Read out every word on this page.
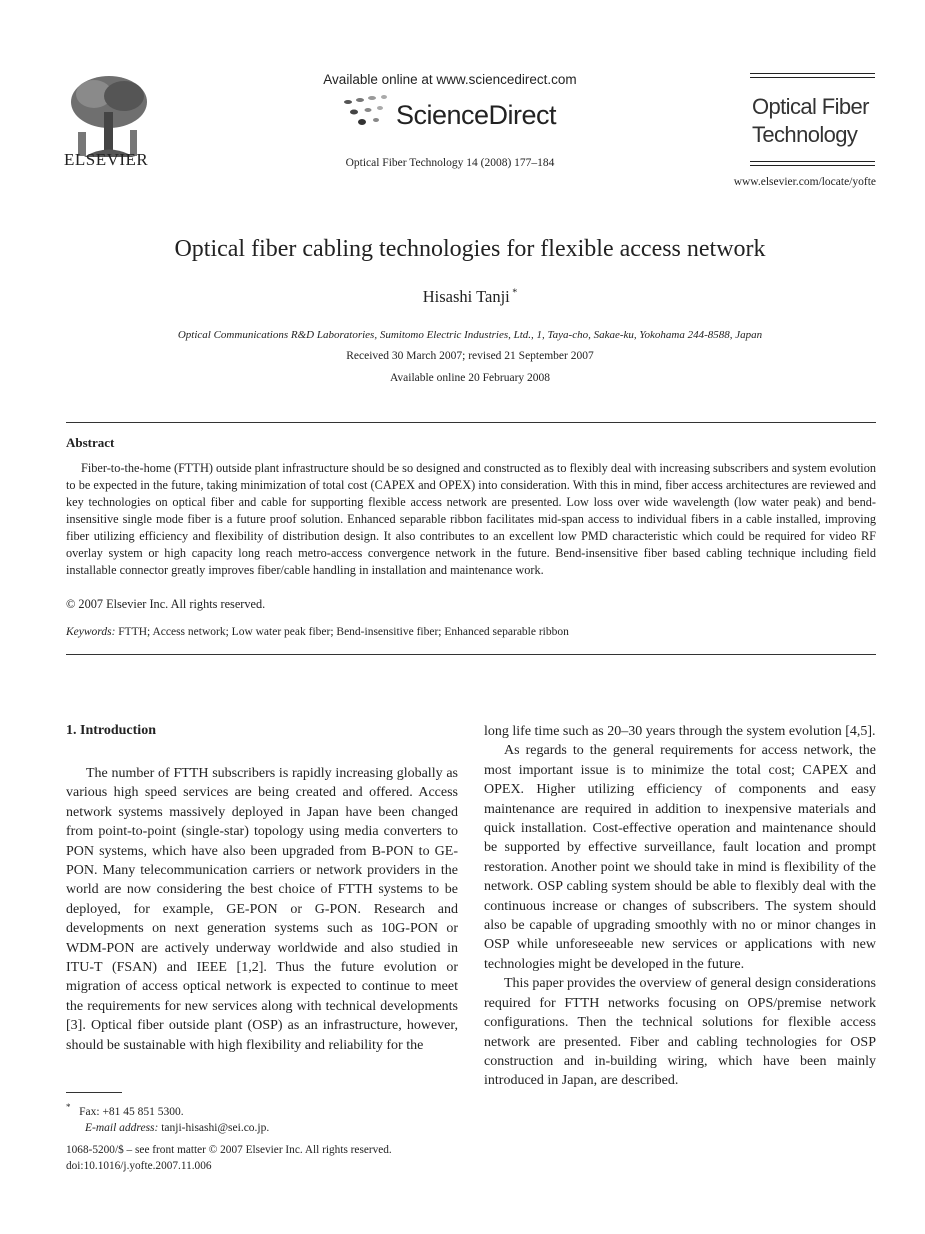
ELSEVIER
Available online at www.sciencedirect.com
ScienceDirect
Optical Fiber Technology 14 (2008) 177–184
Optical Fiber
Technology
www.elsevier.com/locate/yofte
Optical fiber cabling technologies for flexible access network
Hisashi Tanji *
Optical Communications R&D Laboratories, Sumitomo Electric Industries, Ltd., 1, Taya-cho, Sakae-ku, Yokohama 244-8588, Japan
Received 30 March 2007; revised 21 September 2007
Available online 20 February 2008
Abstract
Fiber-to-the-home (FTTH) outside plant infrastructure should be so designed and constructed as to flexibly deal with increasing subscribers and system evolution to be expected in the future, taking minimization of total cost (CAPEX and OPEX) into consideration. With this in mind, fiber access architectures are reviewed and key technologies on optical fiber and cable for supporting flexible access network are presented. Low loss over wide wavelength (low water peak) and bend-insensitive single mode fiber is a future proof solution. Enhanced separable ribbon facilitates mid-span access to individual fibers in a cable installed, improving fiber utilizing efficiency and flexibility of distribution design. It also contributes to an excellent low PMD characteristic which could be required for video RF overlay system or high capacity long reach metro-access convergence network in the future. Bend-insensitive fiber based cabling technique including field installable connector greatly improves fiber/cable handling in installation and maintenance work.
© 2007 Elsevier Inc. All rights reserved.
Keywords: FTTH; Access network; Low water peak fiber; Bend-insensitive fiber; Enhanced separable ribbon
1. Introduction

The number of FTTH subscribers is rapidly increasing globally as various high speed services are being created and offered. Access network systems massively deployed in Japan have been changed from point-to-point (single-star) topology using media converters to PON systems, which have also been upgraded from B-PON to GE-PON. Many telecommunication carriers or network providers in the world are now considering the best choice of FTTH systems to be deployed, for example, GE-PON or G-PON. Research and developments on next generation systems such as 10G-PON or WDM-PON are actively underway worldwide and also studied in ITU-T (FSAN) and IEEE [1,2]. Thus the future evolution or migration of access optical network is expected to continue to meet the requirements for new services along with technical developments [3]. Optical fiber outside plant (OSP) as an infrastructure, however, should be sustainable with high flexibility and reliability for the

long life time such as 20–30 years through the system evolution [4,5].

As regards to the general requirements for access network, the most important issue is to minimize the total cost; CAPEX and OPEX. Higher utilizing efficiency of components and easy maintenance are required in addition to inexpensive materials and quick installation. Cost-effective operation and maintenance should be supported by effective surveillance, fault location and prompt restoration. Another point we should take in mind is flexibility of the network. OSP cabling system should be able to flexibly deal with the continuous increase or changes of subscribers. The system should also be capable of upgrading smoothly with no or minor changes in OSP while unforeseeable new services or applications with new technologies might be developed in the future.

This paper provides the overview of general design considerations required for FTTH networks focusing on OPS/premise network configurations. Then the technical solutions for flexible access network are presented. Fiber and cabling technologies for OSP construction and in-building wiring, which have been mainly introduced in Japan, are described.

* Fax: +81 45 851 5300.
E-mail address: tanji-hisashi@sei.co.jp.
1068-5200/$ – see front matter © 2007 Elsevier Inc. All rights reserved.
doi:10.1016/j.yofte.2007.11.006
